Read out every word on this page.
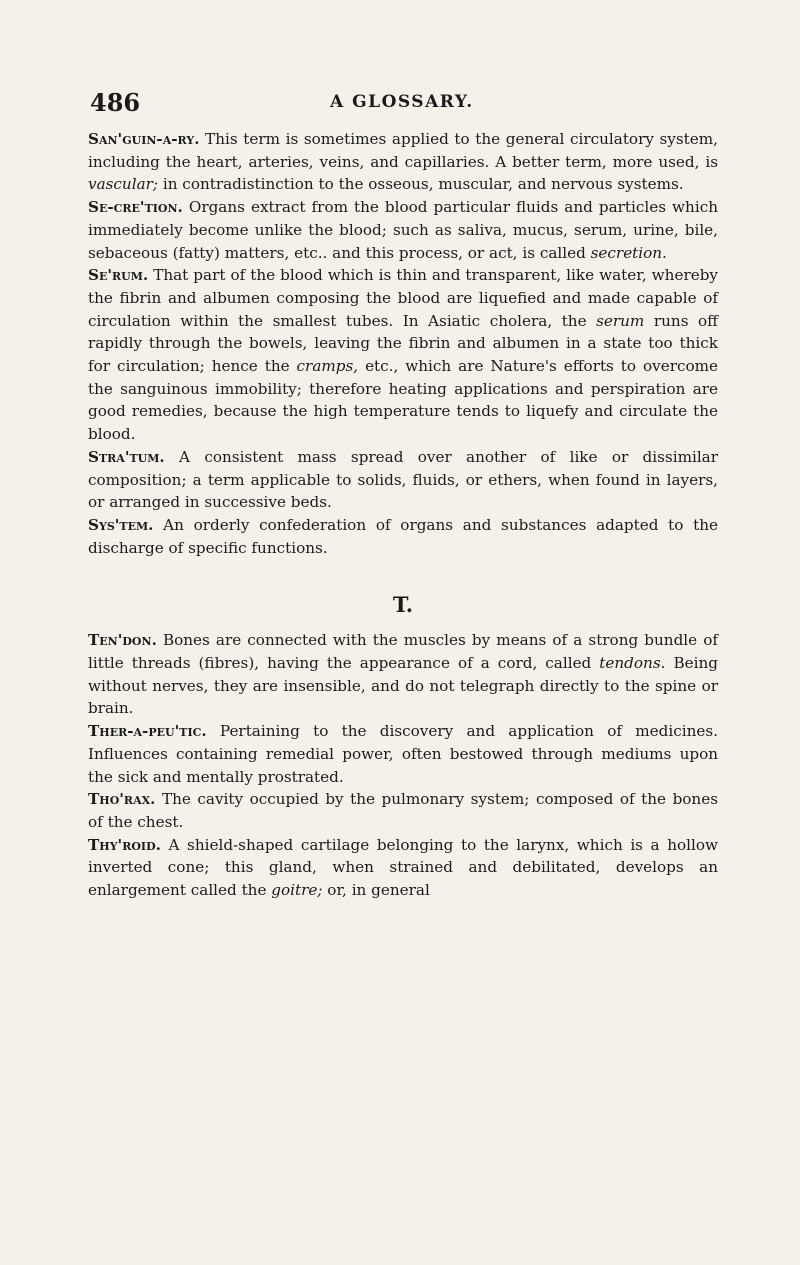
486	A GLOSSARY.

San'guin-a-ry. This term is sometimes applied to the general circulatory system, including the heart, arteries, veins, and capillaries. A better term, more used, is vascular; in contradistinction to the osseous, muscular, and nervous systems.

Se-cre'tion. Organs extract from the blood particular fluids and particles which immediately become unlike the blood; such as saliva, mucus, serum, urine, bile, sebaceous (fatty) matters, etc.. and this process, or act, is called secretion.

Se'rum. That part of the blood which is thin and transparent, like water, whereby the fibrin and albumen composing the blood are liquefied and made capable of circulation within the smallest tubes. In Asiatic cholera, the serum runs off rapidly through the bowels, leaving the fibrin and albumen in a state too thick for circulation; hence the cramps, etc., which are Nature's efforts to overcome the sanguinous immobility; therefore heating applications and perspiration are good remedies, because the high temperature tends to liquefy and circulate the blood.

Stra'tum. A consistent mass spread over another of like or dissimilar composition; a term applicable to solids, fluids, or ethers, when found in layers, or arranged in successive beds.

Sys'tem. An orderly confederation of organs and substances adapted to the discharge of specific functions.

T.

Ten'don. Bones are connected with the muscles by means of a strong bundle of little threads (fibres), having the appearance of a cord, called tendons. Being without nerves, they are insensible, and do not telegraph directly to the spine or brain.

Ther-a-peu'tic. Pertaining to the discovery and application of medicines. Influences containing remedial power, often bestowed through mediums upon the sick and mentally prostrated.

Tho'rax. The cavity occupied by the pulmonary system; composed of the bones of the chest.

Thy'roid. A shield-shaped cartilage belonging to the larynx, which is a hollow inverted cone; this gland, when strained and debilitated, develops an enlargement called the goitre; or, in general
